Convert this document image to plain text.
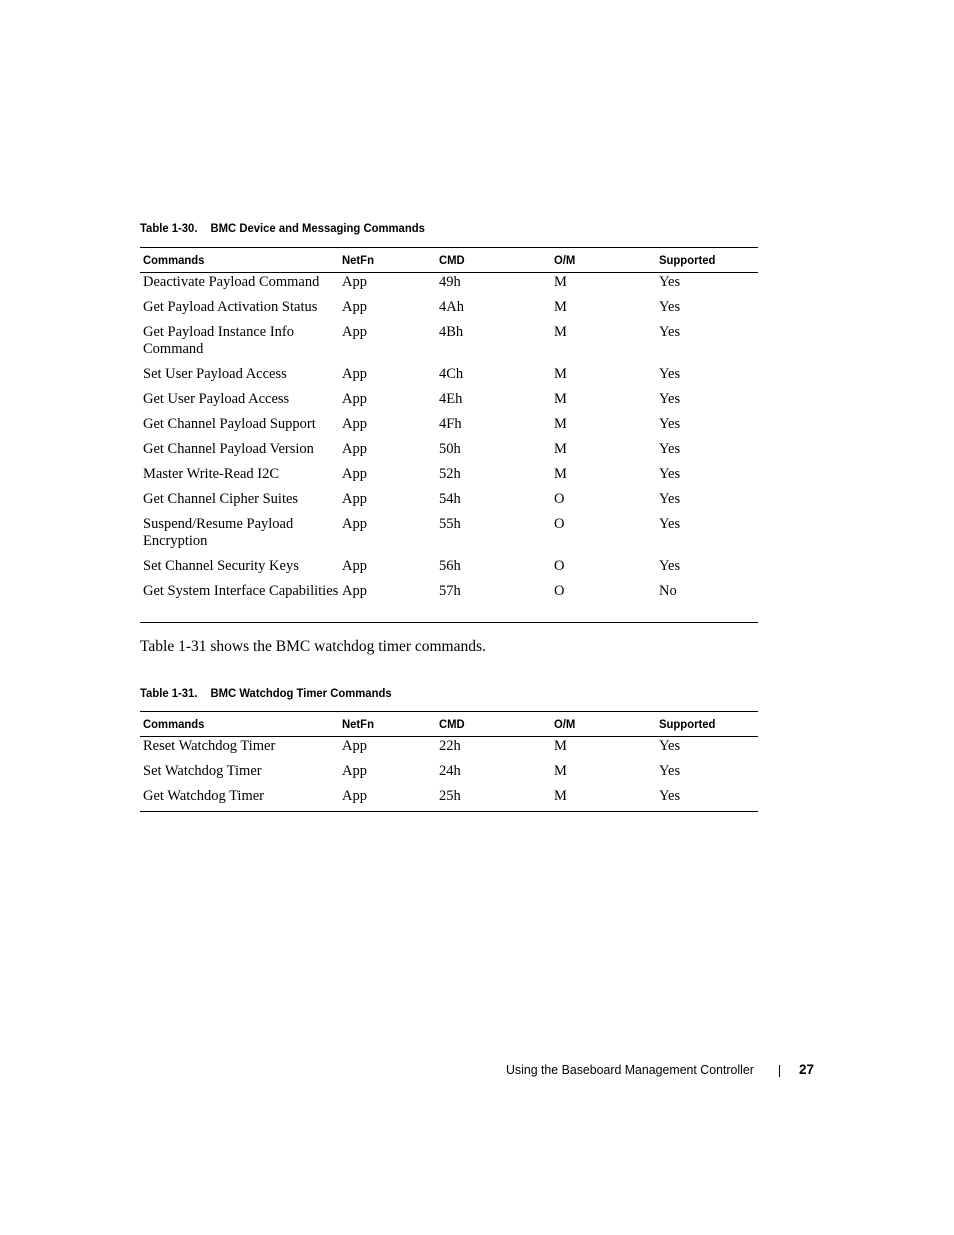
Table 1-30. BMC Device and Messaging Commands
Commands	NetFn	CMD	O/M	Supported
Deactivate Payload Command	App	49h	M	Yes
Get Payload Activation Status	App	4Ah	M	Yes
Get Payload Instance Info Command	App	4Bh	M	Yes
Set User Payload Access	App	4Ch	M	Yes
Get User Payload Access	App	4Eh	M	Yes
Get Channel Payload Support	App	4Fh	M	Yes
Get Channel Payload Version	App	50h	M	Yes
Master Write-Read I2C	App	52h	M	Yes
Get Channel Cipher Suites	App	54h	O	Yes
Suspend/Resume Payload Encryption	App	55h	O	Yes
Set Channel Security Keys	App	56h	O	Yes
Get System Interface Capabilities	App	57h	O	No
Table 1-31 shows the BMC watchdog timer commands.
Table 1-31. BMC Watchdog Timer Commands
Commands	NetFn	CMD	O/M	Supported
Reset Watchdog Timer	App	22h	M	Yes
Set Watchdog Timer	App	24h	M	Yes
Get Watchdog Timer	App	25h	M	Yes
Using the Baseboard Management Controller	27
